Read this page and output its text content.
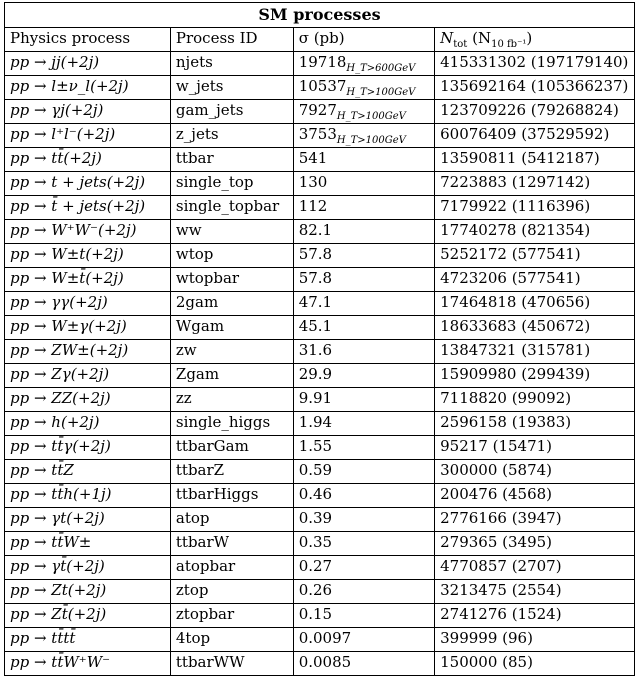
SM processes			
Physics process	Process ID	σ (pb)	$N_{tot}$ $(N_{10 fb^{-1}})$
pp → jj(+2j)	njets	$19718_{H\_T>600GeV}$	415331302 (197179140)
pp → l±ν_l(+2j)	w_jets	$10537_{H\_T>100GeV}$	135692164 (105366237)
pp → γj(+2j)	gam_jets	$7927_{H\_T>100GeV}$	123709226 (79268824)
pp → l⁺l⁻(+2j)	z_jets	$3753_{H\_T>100GeV}$	60076409 (37529592)
pp → tt̄(+2j)	ttbar	541	13590811 (5412187)
pp → t + jets(+2j)	single_top	130	7223883 (1297142)
pp → t̄ + jets(+2j)	single_topbar	112	7179922 (1116396)
pp → W⁺W⁻(+2j)	ww	82.1	17740278 (821354)
pp → W±t(+2j)	wtop	57.8	5252172 (577541)
pp → W±t̄(+2j)	wtopbar	57.8	4723206 (577541)
pp → γγ(+2j)	2gam	47.1	17464818 (470656)
pp → W±γ(+2j)	Wgam	45.1	18633683 (450672)
pp → ZW±(+2j)	zw	31.6	13847321 (315781)
pp → Zγ(+2j)	Zgam	29.9	15909980 (299439)
pp → ZZ(+2j)	zz	9.91	7118820 (99092)
pp → h(+2j)	single_higgs	1.94	2596158 (19383)
pp → tt̄γ(+2j)	ttbarGam	1.55	95217 (15471)
pp → tt̄Z	ttbarZ	0.59	300000 (5874)
pp → tt̄h(+1j)	ttbarHiggs	0.46	200476 (4568)
pp → γt(+2j)	atop	0.39	2776166 (3947)
pp → tt̄W±	ttbarW	0.35	279365 (3495)
pp → γt̄(+2j)	atopbar	0.27	4770857 (2707)
pp → Zt(+2j)	ztop	0.26	3213475 (2554)
pp → Zt̄(+2j)	ztopbar	0.15	2741276 (1524)
pp → tt̄tt̄	4top	0.0097	399999 (96)
pp → tt̄W⁺W⁻	ttbarWW	0.0085	150000 (85)
